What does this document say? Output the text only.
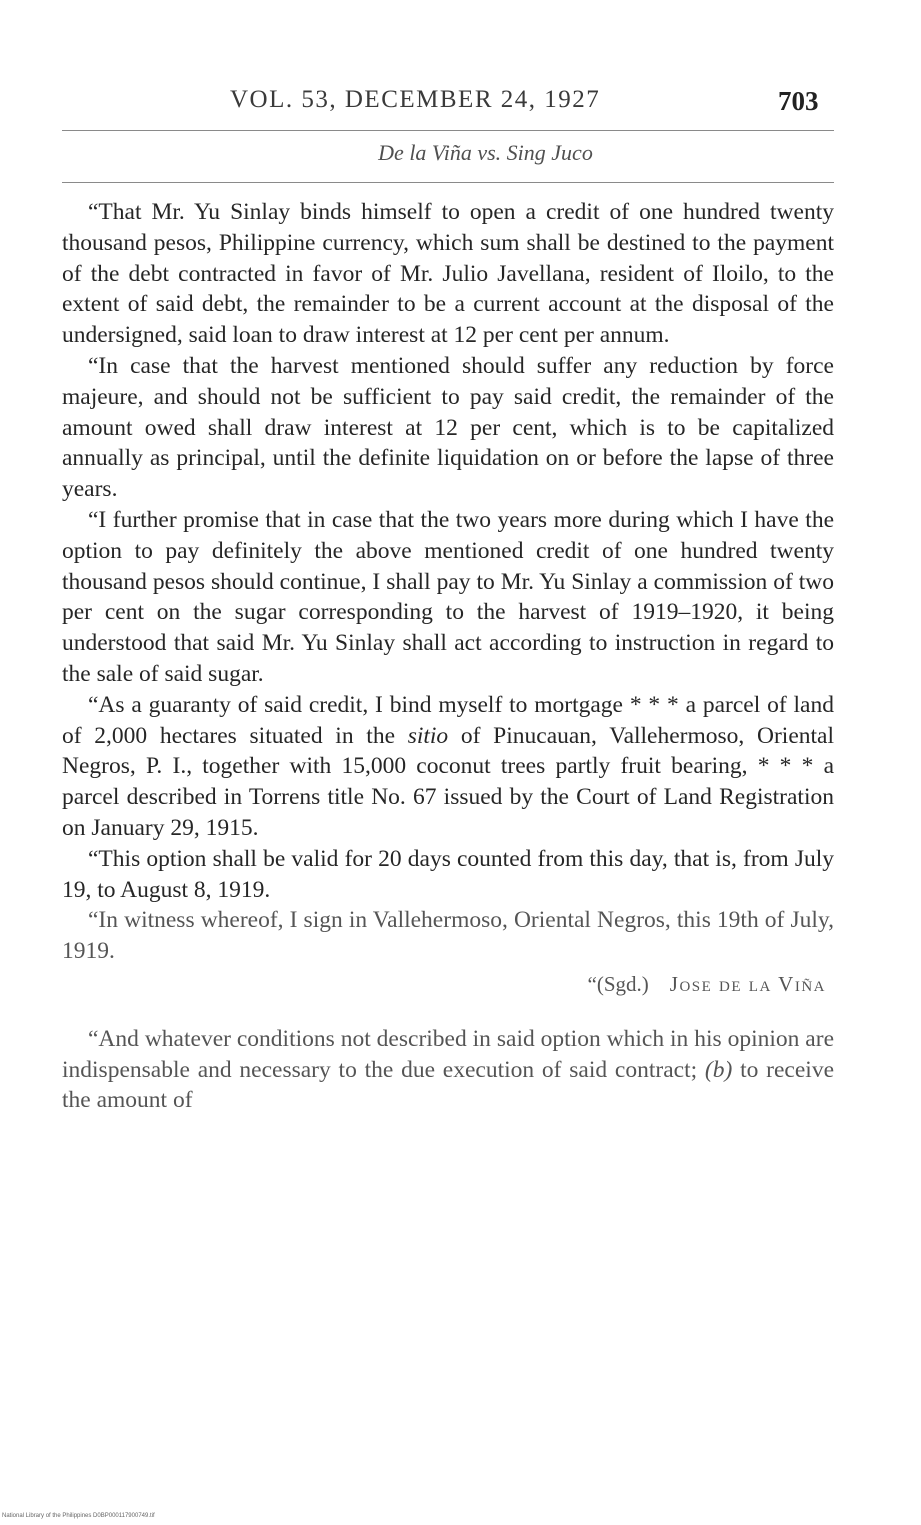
VOL. 53, DECEMBER 24, 1927	703
De la Viña vs. Sing Juco

“That Mr. Yu Sinlay binds himself to open a credit of one hundred twenty thousand pesos, Philippine currency, which sum shall be destined to the payment of the debt contracted in favor of Mr. Julio Javellana, resident of Iloilo, to the extent of said debt, the remainder to be a current account at the disposal of the undersigned, said loan to draw interest at 12 per cent per annum.

“In case that the harvest mentioned should suffer any reduction by force majeure, and should not be sufficient to pay said credit, the remainder of the amount owed shall draw interest at 12 per cent, which is to be capitalized annually as principal, until the definite liquidation on or before the lapse of three years.

“I further promise that in case that the two years more during which I have the option to pay definitely the above mentioned credit of one hundred twenty thousand pesos should continue, I shall pay to Mr. Yu Sinlay a commission of two per cent on the sugar corresponding to the harvest of 1919–1920, it being understood that said Mr. Yu Sinlay shall act according to instruction in regard to the sale of said sugar.

“As a guaranty of said credit, I bind myself to mortgage * * * a parcel of land of 2,000 hectares situated in the sitio of Pinucauan, Vallehermoso, Oriental Negros, P. I., together with 15,000 coconut trees partly fruit bearing, * * * a parcel described in Torrens title No. 67 issued by the Court of Land Registration on January 29, 1915.

“This option shall be valid for 20 days counted from this day, that is, from July 19, to August 8, 1919.

“In witness whereof, I sign in Vallehermoso, Oriental Negros, this 19th of July, 1919.

“(Sgd.) Jose de la Viña

“And whatever conditions not described in said option which in his opinion are indispensable and necessary to the due execution of said contract; (b) to receive the amount of

National Library of the Philippines D0BP000117900749.tif
